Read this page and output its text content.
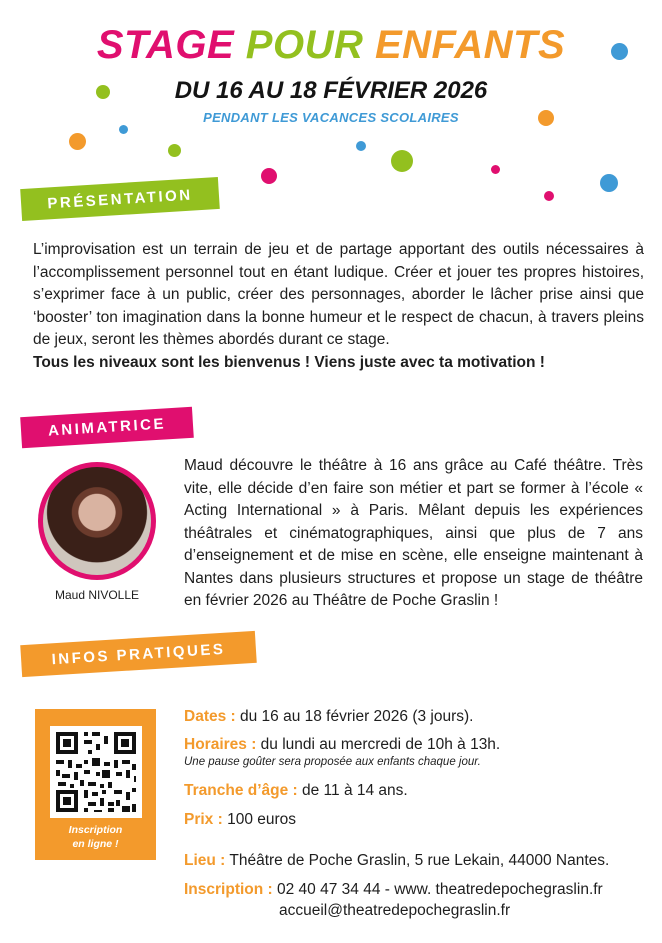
STAGE POUR ENFANTS
DU 16 AU 18 FÉVRIER 2026
PENDANT LES VACANCES SCOLAIRES
PRÉSENTATION
L’improvisation est un terrain de jeu et de partage apportant des outils nécessaires à l’accomplissement personnel tout en étant ludique. Créer et jouer tes propres histoires, s’exprimer face à un public, créer des personnages, aborder le lâcher prise ainsi que ‘booster’ ton imagination dans la bonne humeur et le respect de chacun, à travers pleins de jeux, seront les thèmes abordés durant ce stage.
Tous les niveaux sont les bienvenus ! Viens juste avec ta motivation !
ANIMATRICE
Maud NIVOLLE
Maud découvre le théâtre à 16 ans grâce au Café théâtre. Très vite, elle décide d’en faire son métier et part se former à l’école « Acting International » à Paris. Mêlant depuis les expériences théâtrales et cinématographiques, ainsi que plus de 7 ans d’enseignement et de mise en scène, elle enseigne maintenant à Nantes dans plusieurs structures et propose un stage de théâtre en février 2026 au Théâtre de Poche Graslin !
INFOS PRATIQUES
Inscription
en ligne !
Dates : du 16 au 18 février 2026 (3 jours).
Horaires : du lundi au mercredi de 10h à 13h.
Une pause goûter sera proposée aux enfants chaque jour.
Tranche d’âge : de 11 à 14 ans.
Prix : 100 euros
Lieu : Théâtre de Poche Graslin, 5 rue Lekain, 44000 Nantes.
Inscription : 02 40 47 34 44 - www. theatredepochegraslin.fr
accueil@theatredepochegraslin.fr
